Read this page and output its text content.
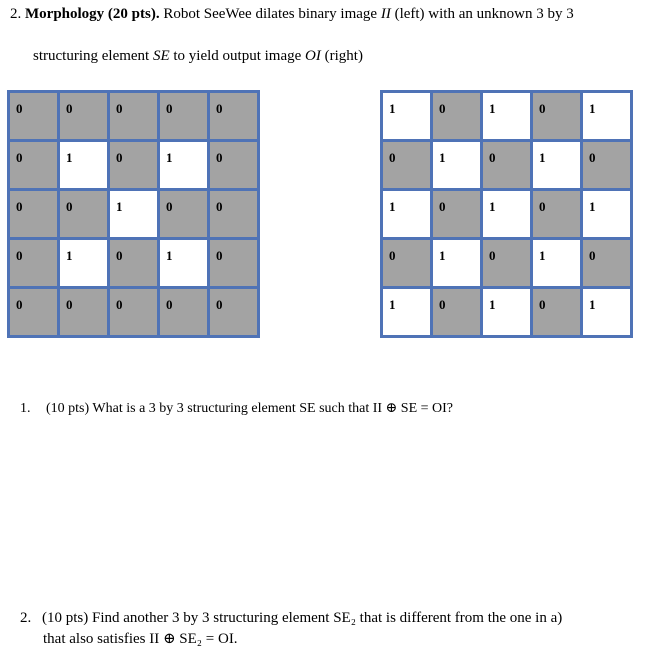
2. Morphology (20 pts). Robot SeeWee dilates binary image II (left) with an unknown 3 by 3
structuring element SE to yield output image OI (right)
0	0	0	0	0

0	1	0	1	0

0	0	1	0	0

0	1	0	1	0

0	0	0	0	0
1	0	1	0	1

0	1	0	1	0

1	0	1	0	1

0	1	0	1	0

1	0	1	0	1
1. (10 pts) What is a 3 by 3 structuring element SE such that II ⊕ SE = OI?
2. (10 pts) Find another 3 by 3 structuring element SE₂ that is different from the one in a)
that also satisfies II ⊕ SE₂ = OI.
